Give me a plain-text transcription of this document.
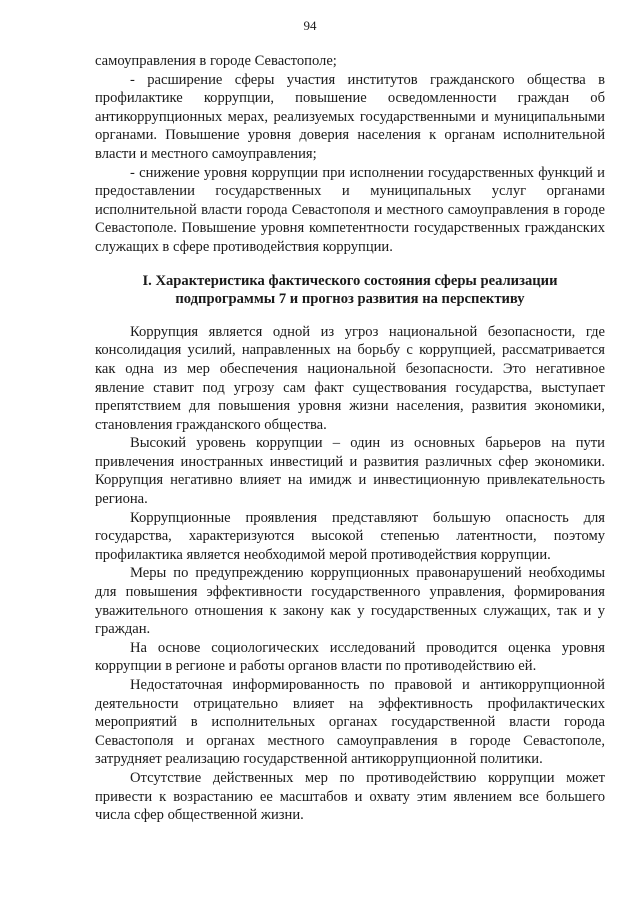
94

самоуправления в городе Севастополе;

- расширение сферы участия институтов гражданского общества в профилактике коррупции, повышение осведомленности граждан об антикоррупционных мерах, реализуемых государственными и муниципальными органами. Повышение уровня доверия населения к органам исполнительной власти и местного самоуправления;

- снижение уровня коррупции при исполнении государственных функций и предоставлении государственных и муниципальных услуг органами исполнительной власти города Севастополя и местного самоуправления в городе Севастополе. Повышение уровня компетентности государственных гражданских служащих в сфере противодействия коррупции.

I. Характеристика фактического состояния сферы реализации
подпрограммы 7 и прогноз развития на перспективу

Коррупция является одной из угроз национальной безопасности, где консолидация усилий, направленных на борьбу с коррупцией, рассматривается как одна из мер обеспечения национальной безопасности. Это негативное явление ставит под угрозу сам факт существования государства, выступает препятствием для повышения уровня жизни населения, развития экономики, становления гражданского общества.

Высокий уровень коррупции – один из основных барьеров на пути привлечения иностранных инвестиций и развития различных сфер экономики. Коррупция негативно влияет на имидж и инвестиционную привлекательность региона.

Коррупционные проявления представляют большую опасность для государства, характеризуются высокой степенью латентности, поэтому профилактика является необходимой мерой противодействия коррупции.

Меры по предупреждению коррупционных правонарушений необходимы для повышения эффективности государственного управления, формирования уважительного отношения к закону как у государственных служащих, так и у граждан.

На основе социологических исследований проводится оценка уровня коррупции в регионе и работы органов власти по противодействию ей.

Недостаточная информированность по правовой и антикоррупционной деятельности отрицательно влияет на эффективность профилактических мероприятий в исполнительных органах государственной власти города Севастополя и органах местного самоуправления в городе Севастополе, затрудняет реализацию государственной антикоррупционной политики.

Отсутствие действенных мер по противодействию коррупции может привести к возрастанию ее масштабов и охвату этим явлением все большего числа сфер общественной жизни.
